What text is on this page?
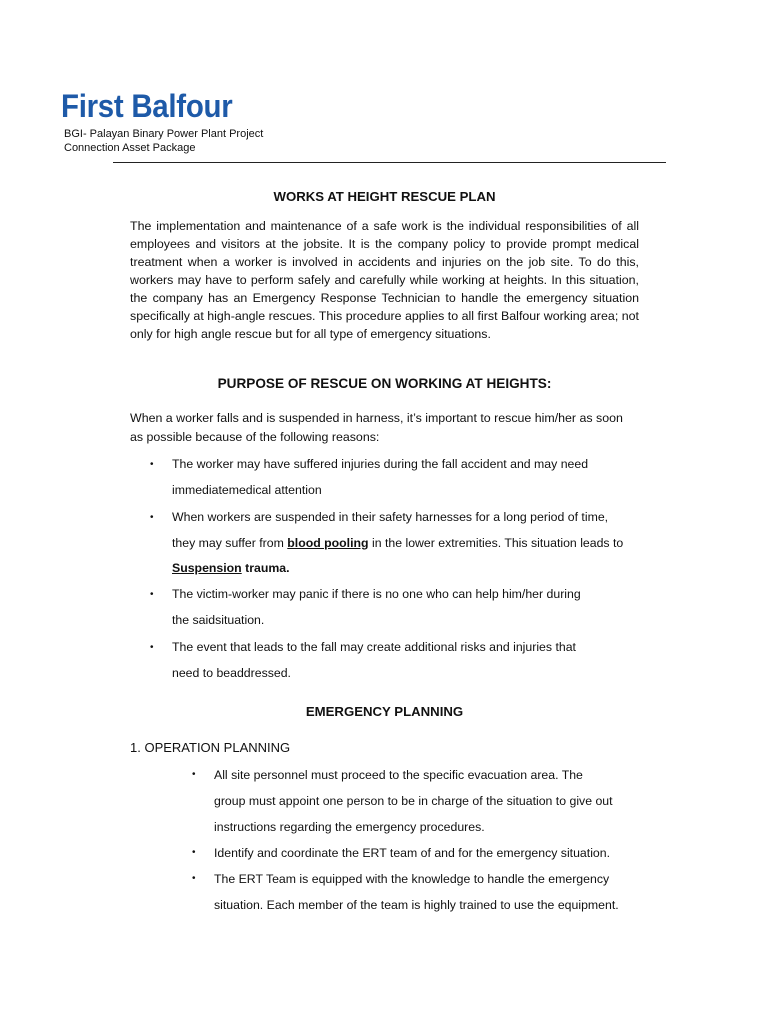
First Balfour
BGI- Palayan Binary Power Plant Project
Connection Asset Package
WORKS AT HEIGHT RESCUE PLAN
The implementation and maintenance of a safe work is the individual responsibilities of all employees and visitors at the jobsite. It is the company policy to provide prompt medical treatment when a worker is involved in accidents and injuries on the job site. To do this, workers may have to perform safely and carefully while working at heights. In this situation, the company has an Emergency Response Technician to handle the emergency situation specifically at high-angle rescues. This procedure applies to all first Balfour working area; not only for high angle rescue but for all type of emergency situations.
PURPOSE OF RESCUE ON WORKING AT HEIGHTS:
When a worker falls and is suspended in harness, it’s important to rescue him/her as soon as possible because of the following reasons:
• The worker may have suffered injuries during the fall accident and may need
immediatemedical attention
• When workers are suspended in their safety harnesses for a long period of time,
they may suffer from blood pooling in the lower extremities. This situation leads to
Suspension trauma.
• The victim-worker may panic if there is no one who can help him/her during
the saidsituation.
• The event that leads to the fall may create additional risks and injuries that
need to beaddressed.
EMERGENCY PLANNING
1. OPERATION PLANNING
• All site personnel must proceed to the specific evacuation area. The
group must appoint one person to be in charge of the situation to give out
instructions regarding the emergency procedures.
• Identify and coordinate the ERT team of and for the emergency situation.
• The ERT Team is equipped with the knowledge to handle the emergency
situation. Each member of the team is highly trained to use the equipment.
